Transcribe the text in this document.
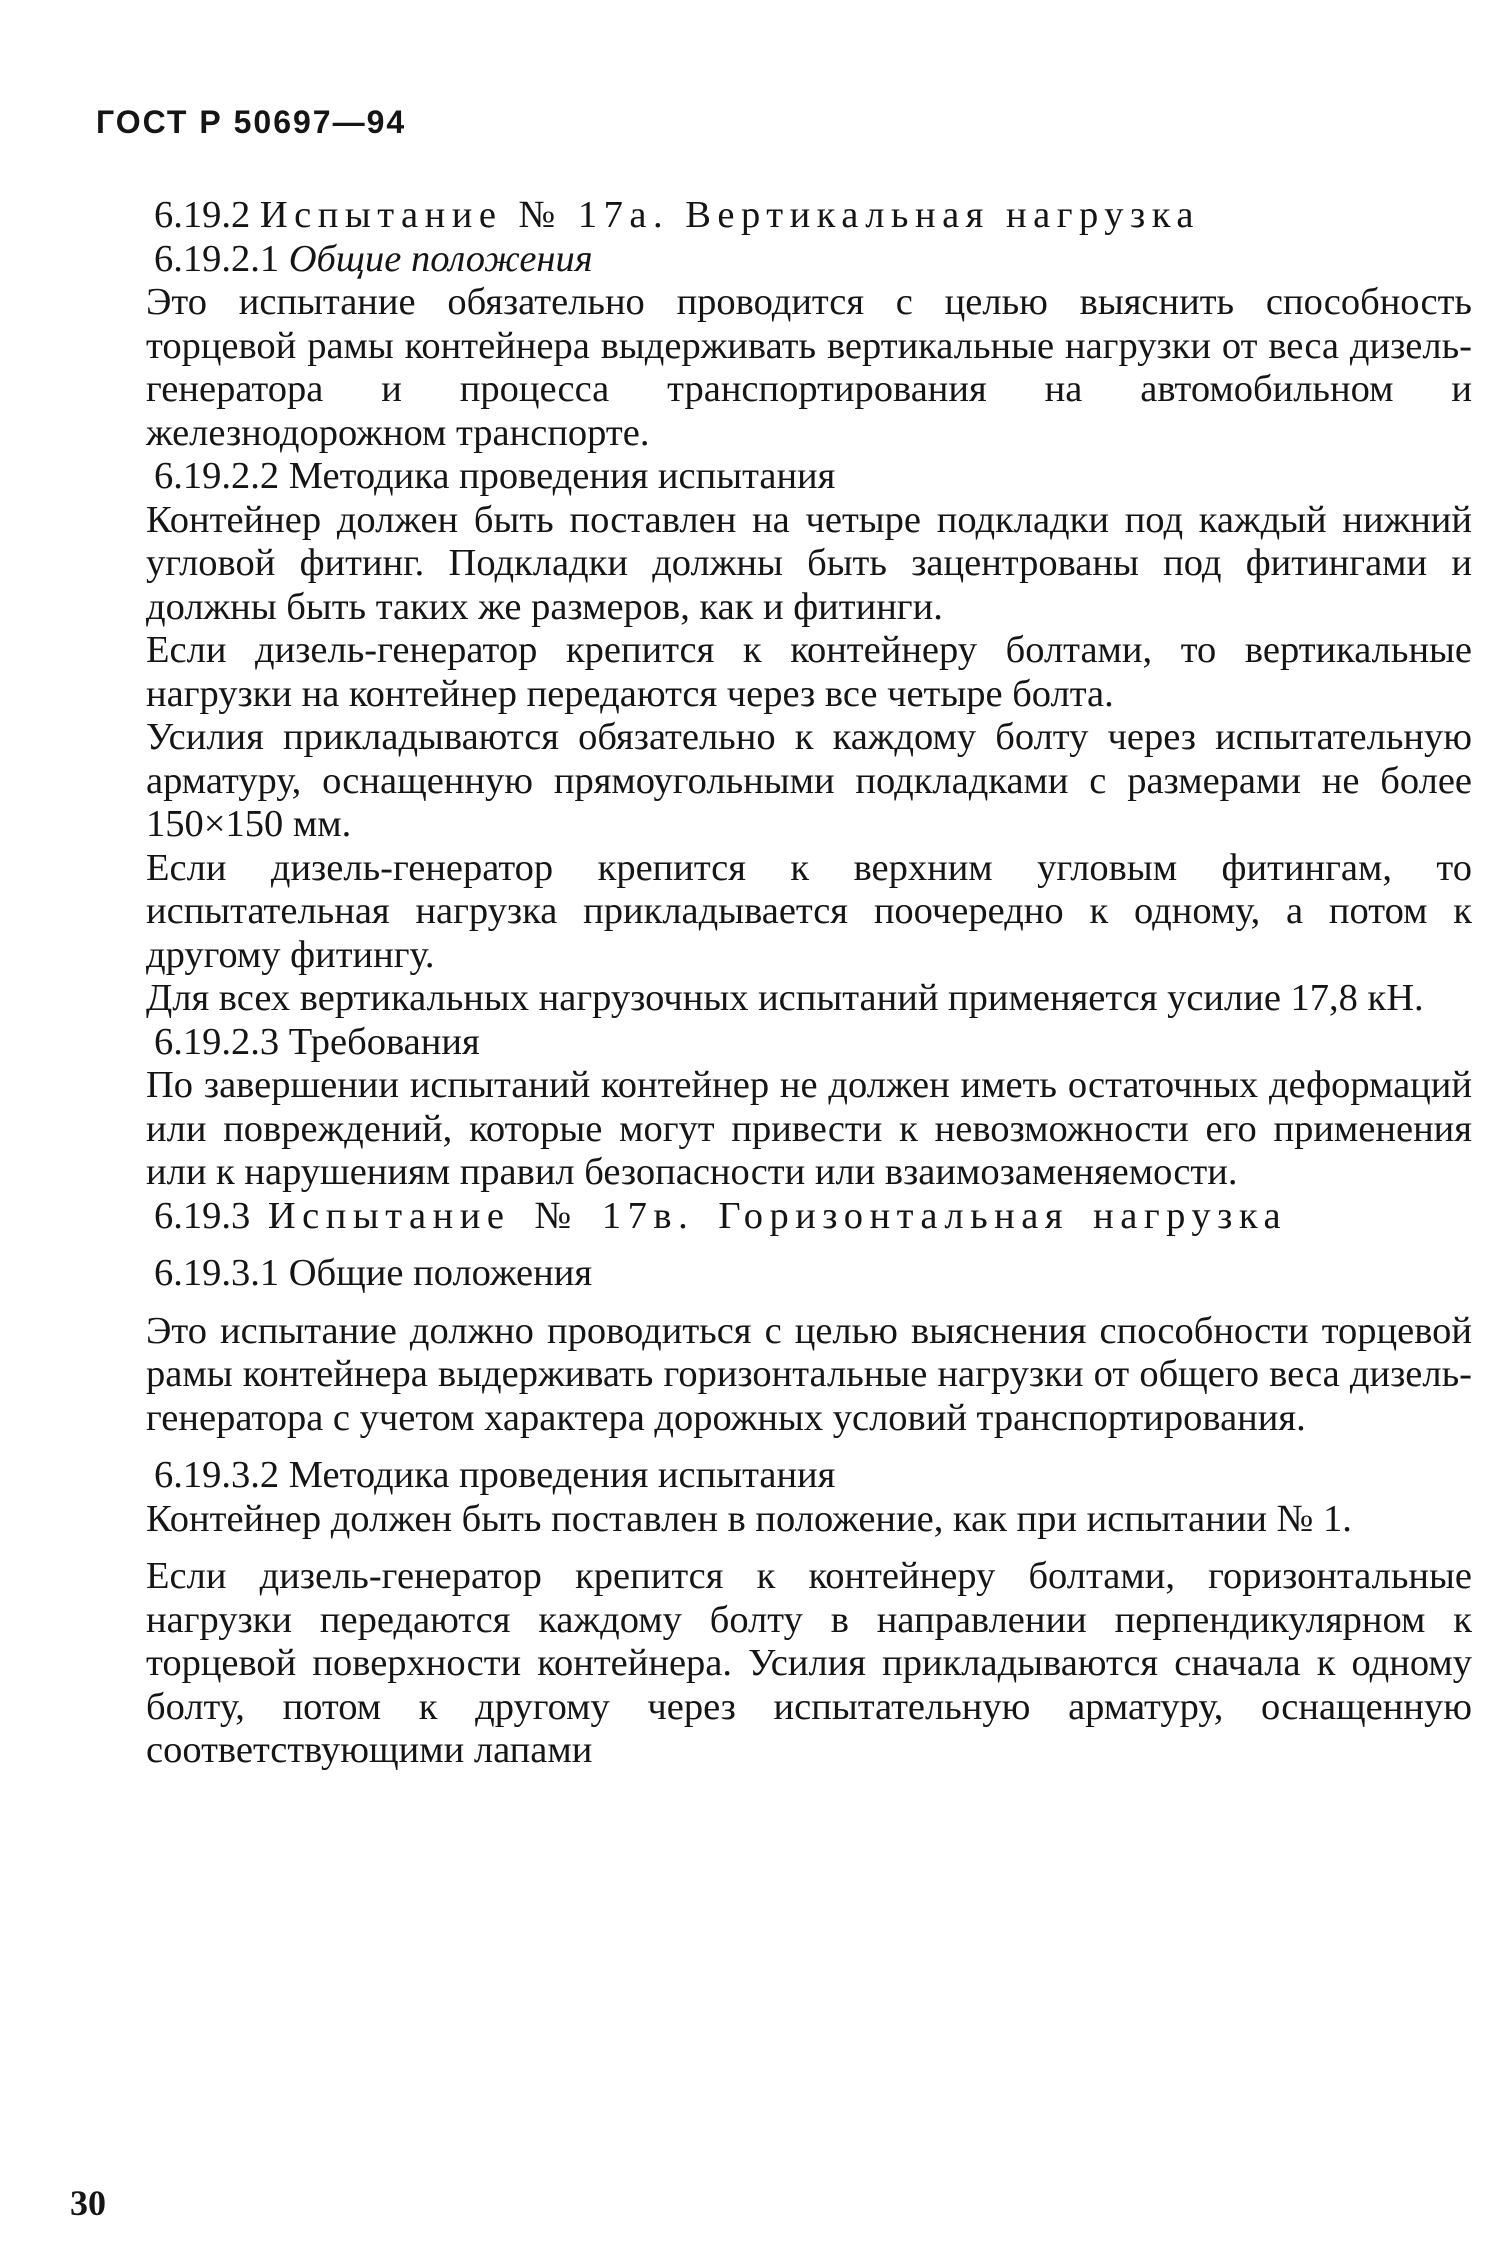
ГОСТ Р 50697—94
6.19.2 Испытание № 17а. Вертикальная нагрузка
6.19.2.1 Общие положения

Это испытание обязательно проводится с целью выяснить способность торцевой рамы контейнера выдерживать вертикальные нагрузки от веса дизель-генератора и процесса транспортирования на автомобильном и железнодорожном транспорте.

6.19.2.2 Методика проведения испытания

Контейнер должен быть поставлен на четыре подкладки под каждый нижний угловой фитинг. Подкладки должны быть зацентрованы под фитингами и должны быть таких же размеров, как и фитинги.

Если дизель-генератор крепится к контейнеру болтами, то вертикальные нагрузки на контейнер передаются через все четыре болта.

Усилия прикладываются обязательно к каждому болту через испытательную арматуру, оснащенную прямоугольными подкладками с размерами не более 150×150 мм.

Если дизель-генератор крепится к верхним угловым фитингам, то испытательная нагрузка прикладывается поочередно к одному, а потом к другому фитингу.

Для всех вертикальных нагрузочных испытаний применяется усилие 17,8 кН.

6.19.2.3 Требования

По завершении испытаний контейнер не должен иметь остаточных деформаций или повреждений, которые могут привести к невозможности его применения или к нарушениям правил безопасности или взаимозаменяемости.

6.19.3 Испытание № 17в. Горизонтальная нагрузка
6.19.3.1 Общие положения

Это испытание должно проводиться с целью выяснения способности торцевой рамы контейнера выдерживать горизонтальные нагрузки от общего веса дизель-генератора с учетом характера дорожных условий транспортирования.

6.19.3.2 Методика проведения испытания

Контейнер должен быть поставлен в положение, как при испытании № 1.

Если дизель-генератор крепится к контейнеру болтами, горизонтальные нагрузки передаются каждому болту в направлении перпендикулярном к торцевой поверхности контейнера. Усилия прикладываются сначала к одному болту, потом к другому через испытательную арматуру, оснащенную соответствующими лапами

30
